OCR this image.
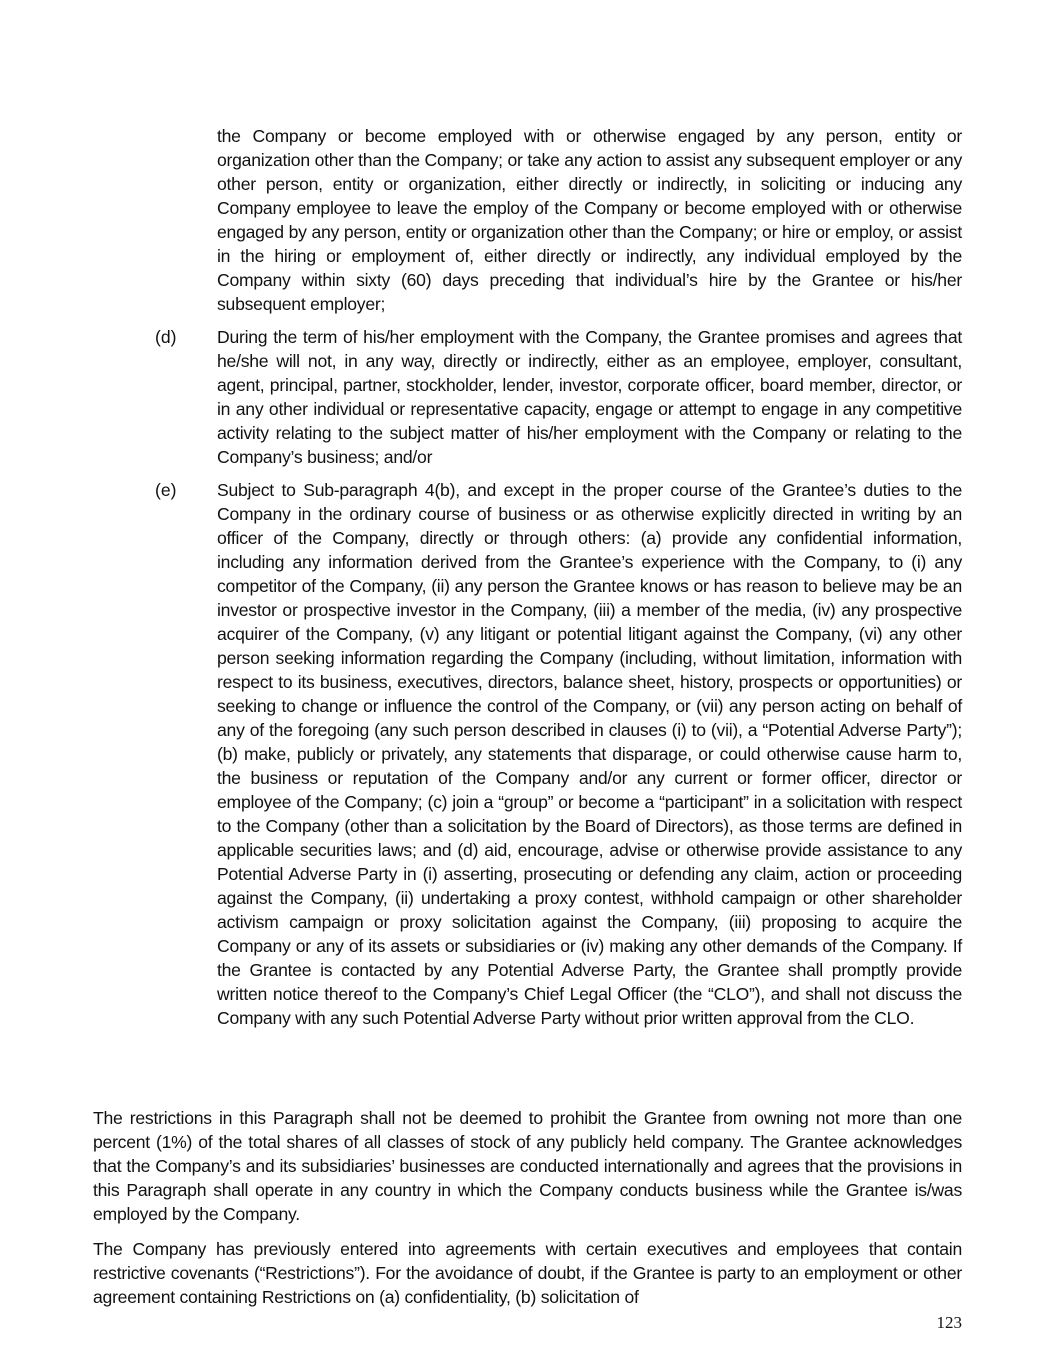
the Company or become employed with or otherwise engaged by any person, entity or organization other than the Company; or take any action to assist any subsequent employer or any other person, entity or organization, either directly or indirectly, in soliciting or inducing any Company employee to leave the employ of the Company or become employed with or otherwise engaged by any person, entity or organization other than the Company; or hire or employ, or assist in the hiring or employment of, either directly or indirectly, any individual employed by the Company within sixty (60) days preceding that individual’s hire by the Grantee or his/her subsequent employer;

(d) During the term of his/her employment with the Company, the Grantee promises and agrees that he/she will not, in any way, directly or indirectly, either as an employee, employer, consultant, agent, principal, partner, stockholder, lender, investor, corporate officer, board member, director, or in any other individual or representative capacity, engage or attempt to engage in any competitive activity relating to the subject matter of his/her employment with the Company or relating to the Company’s business; and/or

(e) Subject to Sub-paragraph 4(b), and except in the proper course of the Grantee’s duties to the Company in the ordinary course of business or as otherwise explicitly directed in writing by an officer of the Company, directly or through others: (a) provide any confidential information, including any information derived from the Grantee’s experience with the Company, to (i) any competitor of the Company, (ii) any person the Grantee knows or has reason to believe may be an investor or prospective investor in the Company, (iii) a member of the media, (iv) any prospective acquirer of the Company, (v) any litigant or potential litigant against the Company, (vi) any other person seeking information regarding the Company (including, without limitation, information with respect to its business, executives, directors, balance sheet, history, prospects or opportunities) or seeking to change or influence the control of the Company, or (vii) any person acting on behalf of any of the foregoing (any such person described in clauses (i) to (vii), a “Potential Adverse Party”); (b) make, publicly or privately, any statements that disparage, or could otherwise cause harm to, the business or reputation of the Company and/or any current or former officer, director or employee of the Company; (c) join a “group” or become a “participant” in a solicitation with respect to the Company (other than a solicitation by the Board of Directors), as those terms are defined in applicable securities laws; and (d) aid, encourage, advise or otherwise provide assistance to any Potential Adverse Party in (i) asserting, prosecuting or defending any claim, action or proceeding against the Company, (ii) undertaking a proxy contest, withhold campaign or other shareholder activism campaign or proxy solicitation against the Company, (iii) proposing to acquire the Company or any of its assets or subsidiaries or (iv) making any other demands of the Company. If the Grantee is contacted by any Potential Adverse Party, the Grantee shall promptly provide written notice thereof to the Company’s Chief Legal Officer (the “CLO”), and shall not discuss the Company with any such Potential Adverse Party without prior written approval from the CLO.

The restrictions in this Paragraph shall not be deemed to prohibit the Grantee from owning not more than one percent (1%) of the total shares of all classes of stock of any publicly held company. The Grantee acknowledges that the Company’s and its subsidiaries’ businesses are conducted internationally and agrees that the provisions in this Paragraph shall operate in any country in which the Company conducts business while the Grantee is/was employed by the Company.

The Company has previously entered into agreements with certain executives and employees that contain restrictive covenants (“Restrictions”). For the avoidance of doubt, if the Grantee is party to an employment or other agreement containing Restrictions on (a) confidentiality, (b) solicitation of

123
